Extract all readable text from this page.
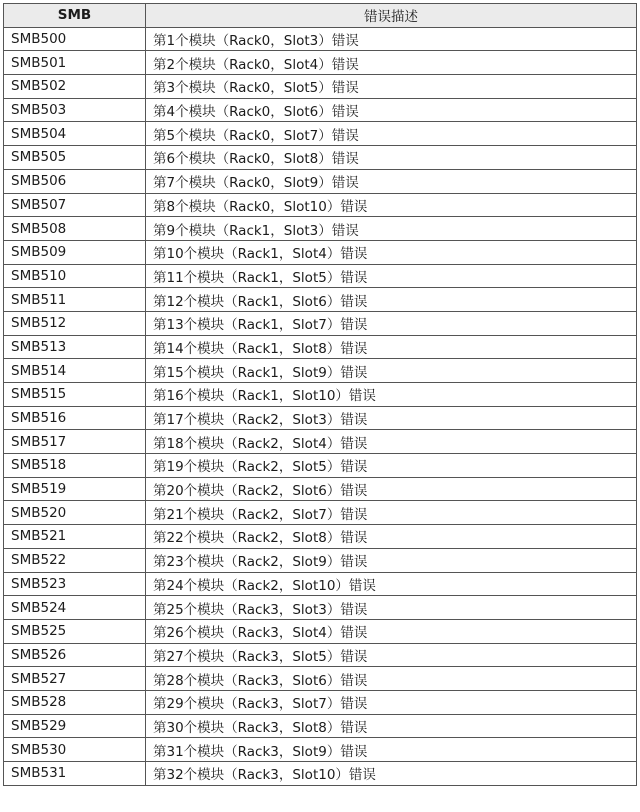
SMB	错误描述
SMB500	第1个模块（Rack0，Slot3）错误
SMB501	第2个模块（Rack0，Slot4）错误
SMB502	第3个模块（Rack0，Slot5）错误
SMB503	第4个模块（Rack0，Slot6）错误
SMB504	第5个模块（Rack0，Slot7）错误
SMB505	第6个模块（Rack0，Slot8）错误
SMB506	第7个模块（Rack0，Slot9）错误
SMB507	第8个模块（Rack0，Slot10）错误
SMB508	第9个模块（Rack1，Slot3）错误
SMB509	第10个模块（Rack1，Slot4）错误
SMB510	第11个模块（Rack1，Slot5）错误
SMB511	第12个模块（Rack1，Slot6）错误
SMB512	第13个模块（Rack1，Slot7）错误
SMB513	第14个模块（Rack1，Slot8）错误
SMB514	第15个模块（Rack1，Slot9）错误
SMB515	第16个模块（Rack1，Slot10）错误
SMB516	第17个模块（Rack2，Slot3）错误
SMB517	第18个模块（Rack2，Slot4）错误
SMB518	第19个模块（Rack2，Slot5）错误
SMB519	第20个模块（Rack2，Slot6）错误
SMB520	第21个模块（Rack2，Slot7）错误
SMB521	第22个模块（Rack2，Slot8）错误
SMB522	第23个模块（Rack2，Slot9）错误
SMB523	第24个模块（Rack2，Slot10）错误
SMB524	第25个模块（Rack3，Slot3）错误
SMB525	第26个模块（Rack3，Slot4）错误
SMB526	第27个模块（Rack3，Slot5）错误
SMB527	第28个模块（Rack3，Slot6）错误
SMB528	第29个模块（Rack3，Slot7）错误
SMB529	第30个模块（Rack3，Slot8）错误
SMB530	第31个模块（Rack3，Slot9）错误
SMB531	第32个模块（Rack3，Slot10）错误
